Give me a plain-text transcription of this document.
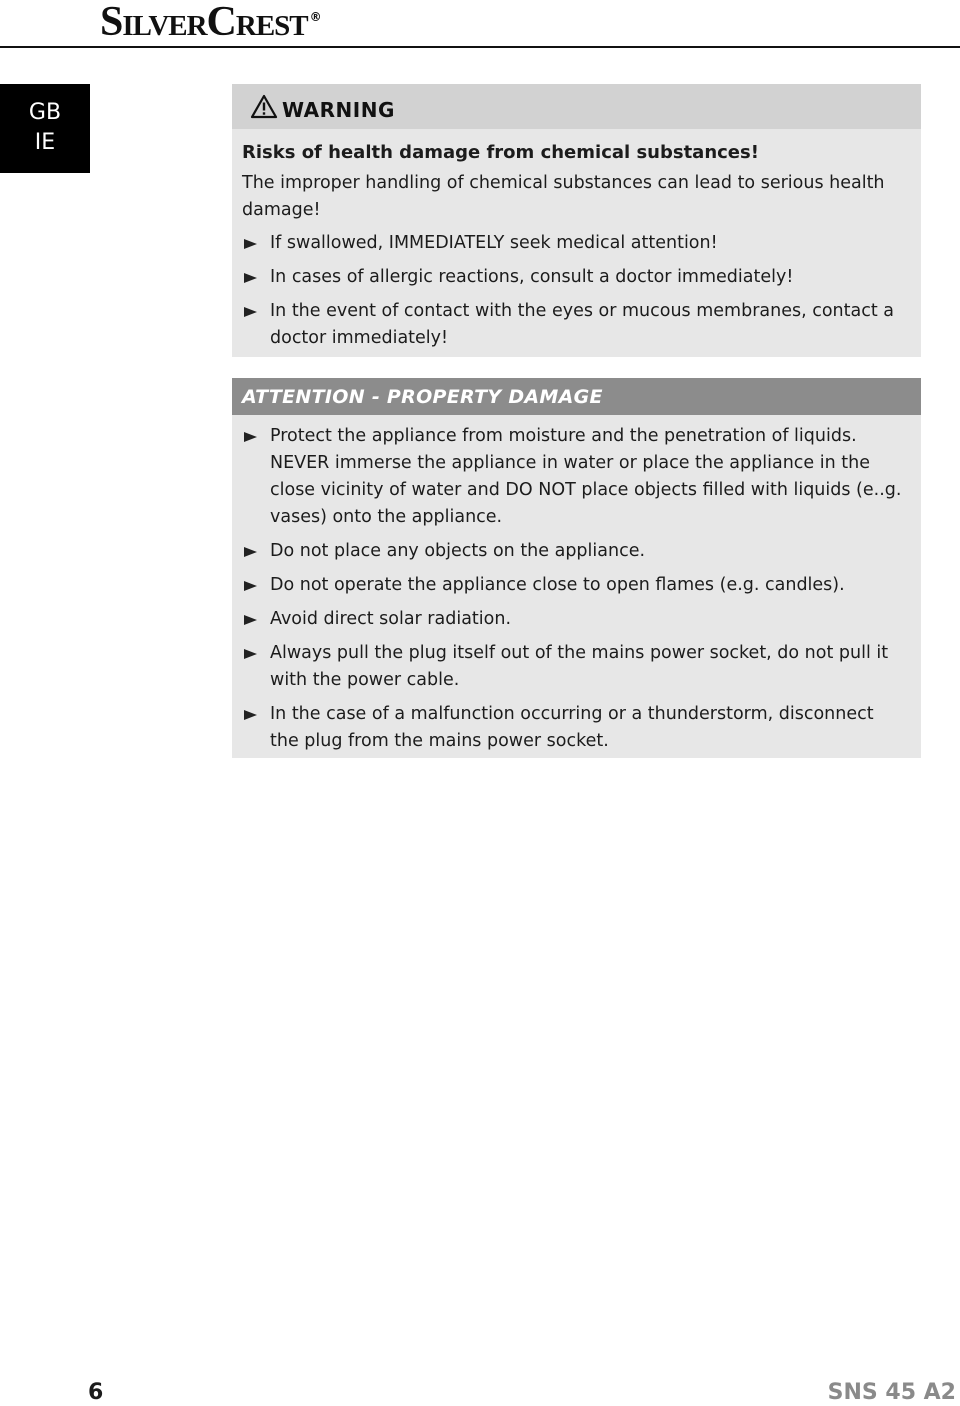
SilverCrest ®
GB
IE
WARNING
Risks of health damage from chemical substances!
The improper handling of chemical substances can lead to serious health damage!
If swallowed, IMMEDIATELY seek medical attention!
In cases of allergic reactions, consult a doctor immediately!
In the event of contact with the eyes or mucous membranes, contact a doctor immediately!
ATTENTION - PROPERTY DAMAGE
Protect the appliance from moisture and the penetration of liquids. NEVER immerse the appliance in water or place the appliance in the close vicinity of water and DO NOT place objects filled with liquids (e..g. vases) onto the appliance.
Do not place any objects on the appliance.
Do not operate the appliance close to open flames (e.g. candles).
Avoid direct solar radiation.
Always pull the plug itself out of the mains power socket, do not pull it with the power cable.
In the case of a malfunction occurring or a thunderstorm, disconnect the plug from the mains power socket.
6	SNS 45 A2
